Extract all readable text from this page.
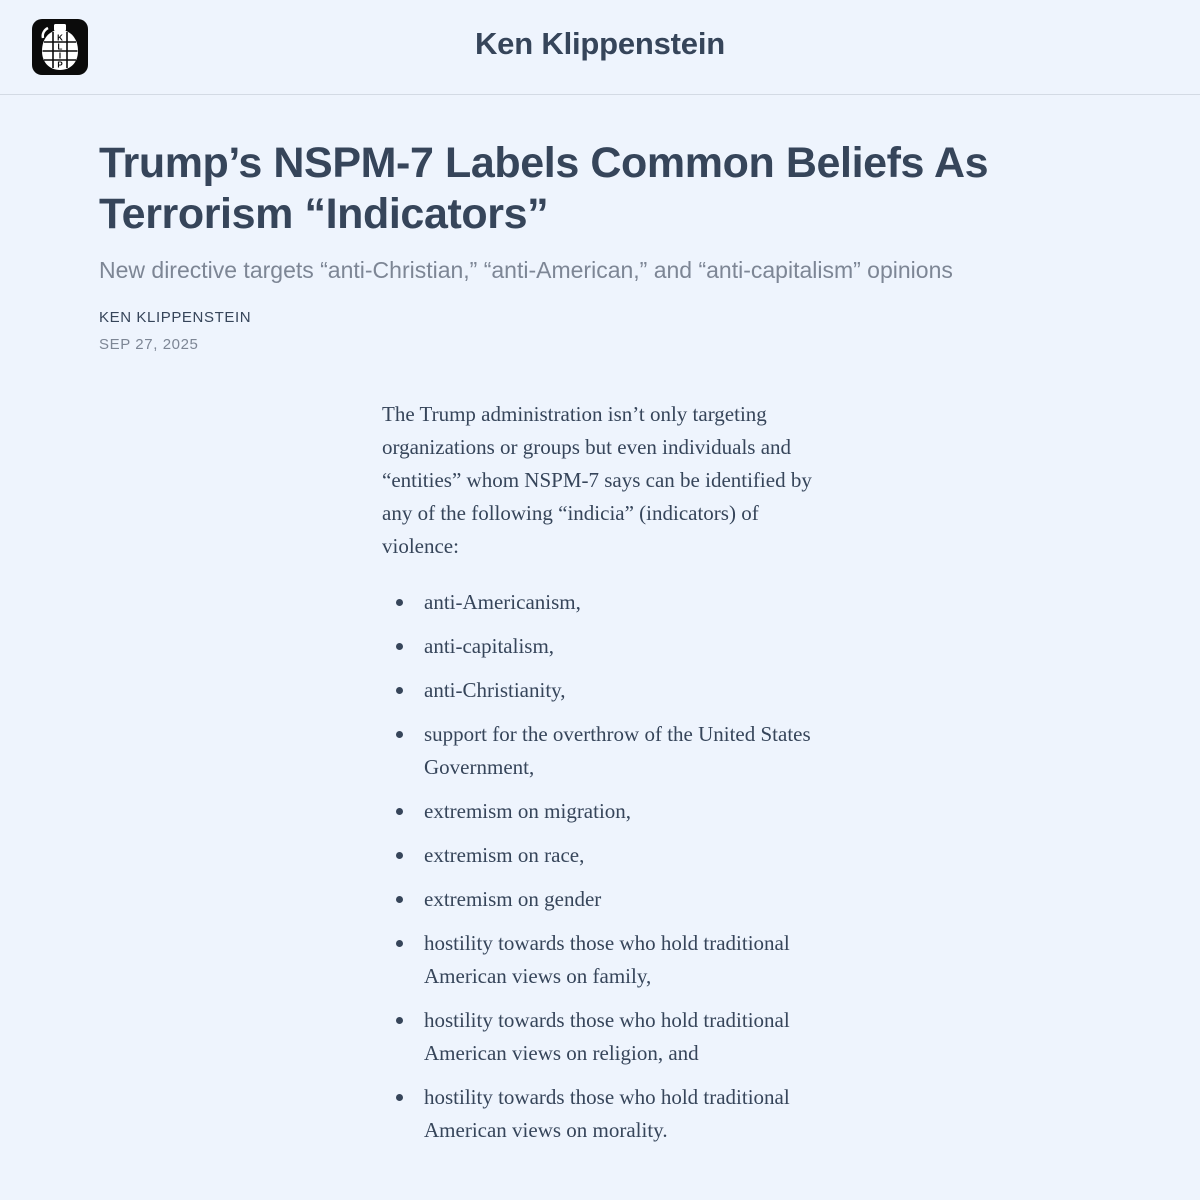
K
L
I
P
Ken Klippenstein
Trump’s NSPM-7 Labels Common Beliefs As Terrorism “Indicators”
New directive targets “anti-Christian,” “anti-American,” and “anti-capitalism” opinions
KEN KLIPPENSTEIN
SEP 27, 2025

The Trump administration isn’t only targeting organizations or groups but even individuals and “entities” whom NSPM-7 says can be identified by any of the following “indicia” (indicators) of violence:

anti-Americanism,
anti-capitalism,
anti-Christianity,
support for the overthrow of the United States Government,
extremism on migration,
extremism on race,
extremism on gender
hostility towards those who hold traditional American views on family,
hostility towards those who hold traditional American views on religion, and
hostility towards those who hold traditional American views on morality.
